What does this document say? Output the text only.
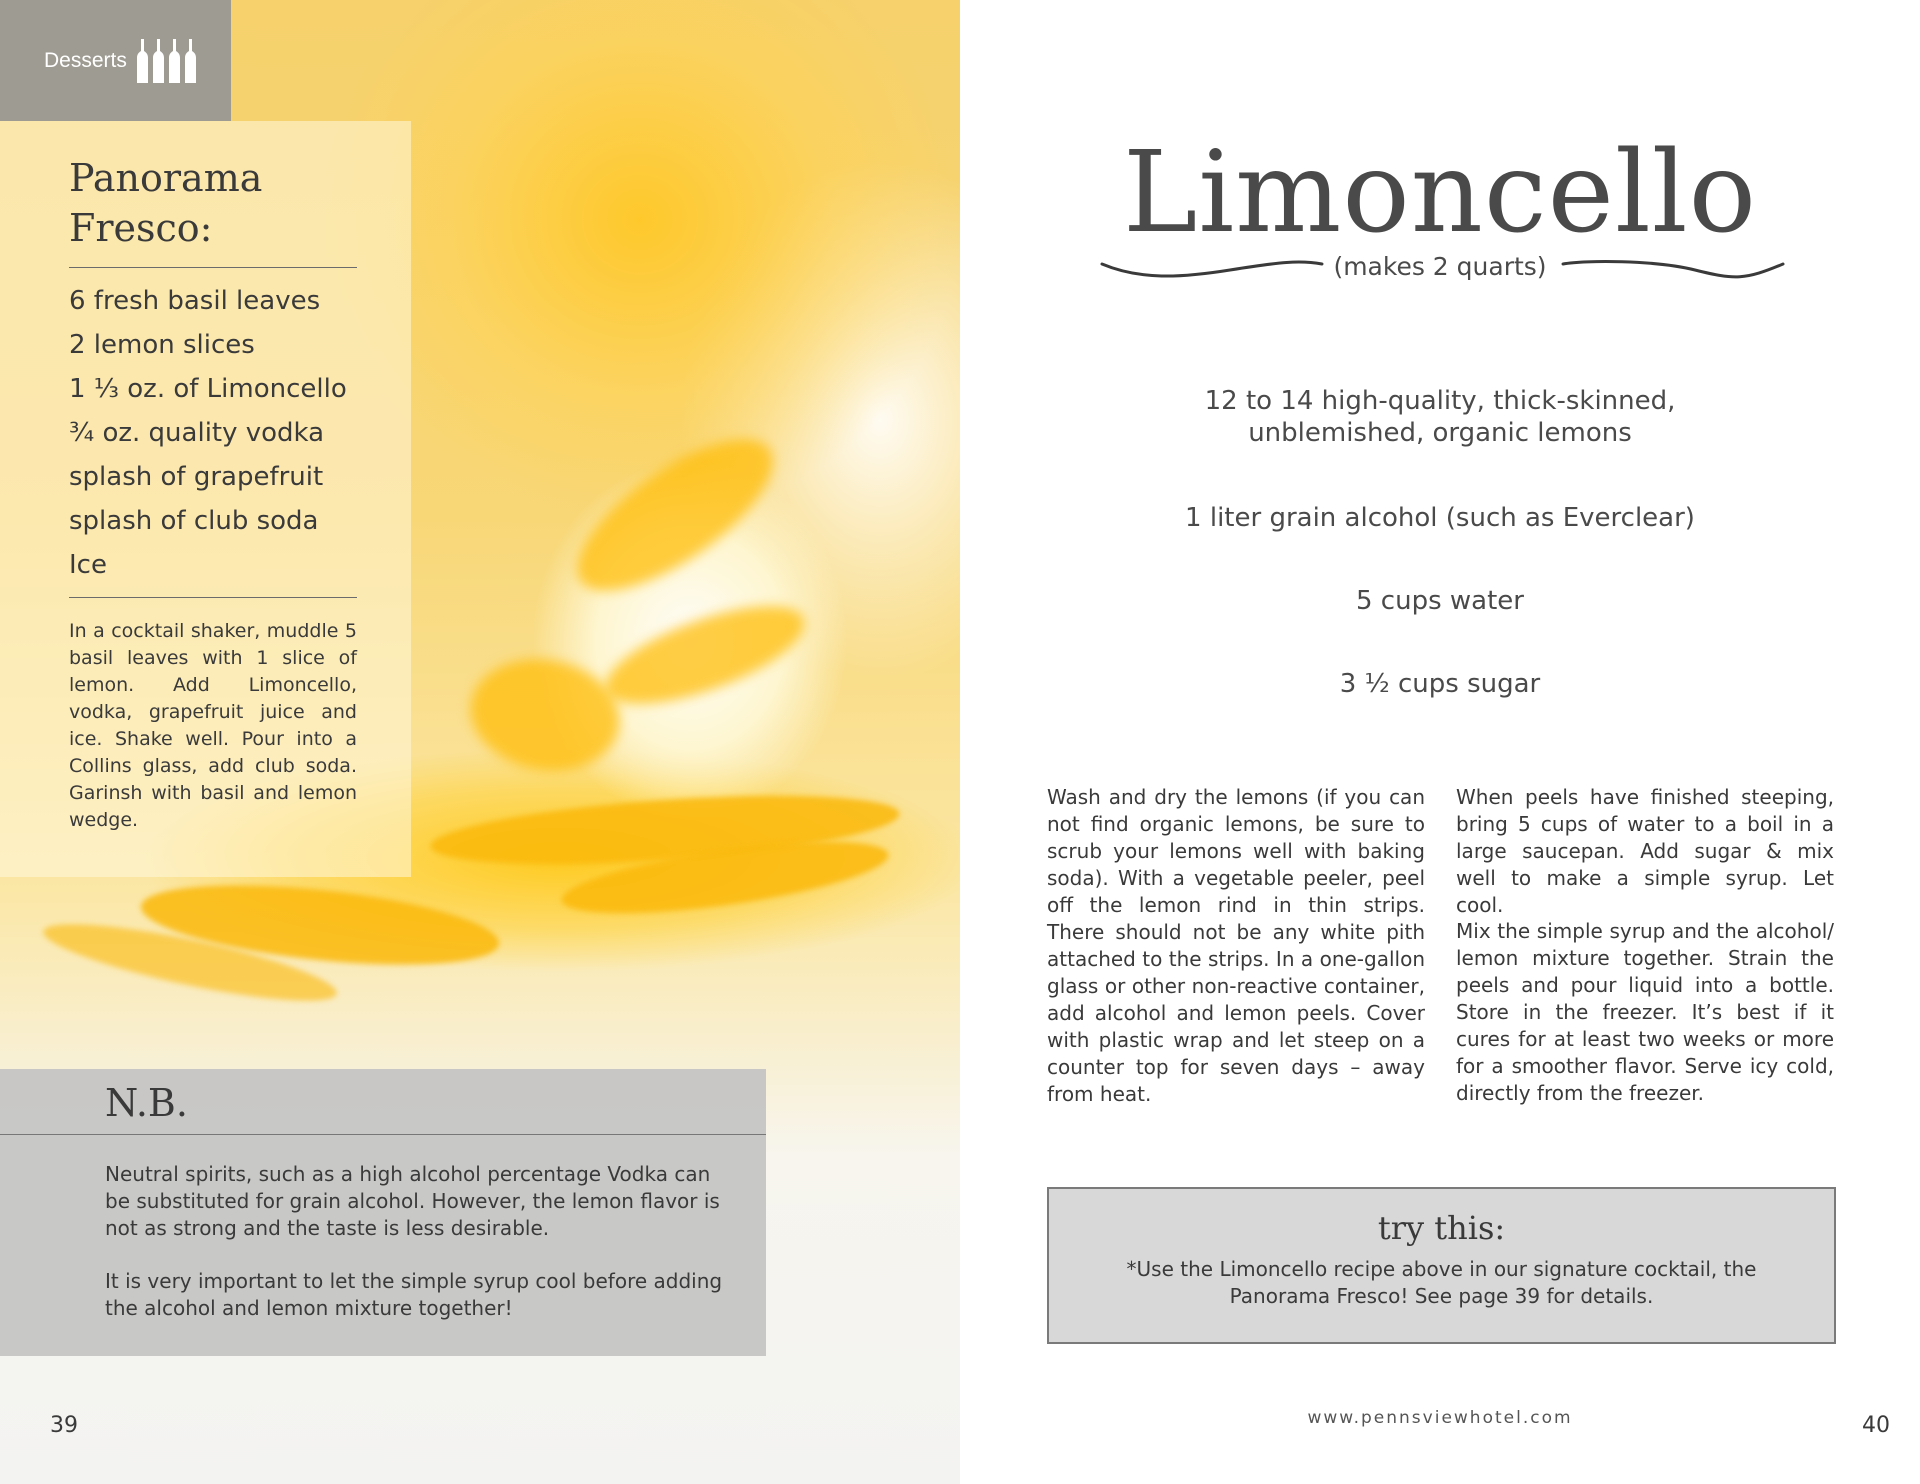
Desserts
Panorama
Fresco:
6 fresh basil leaves
2 lemon slices
1 ⅓ oz. of Limoncello
¾ oz. quality vodka
splash of grapefruit
splash of club soda
Ice

In a cocktail shaker, muddle 5 basil leaves with 1 slice of lemon. Add Limoncello, vodka, grapefruit juice and ice. Shake well. Pour into a Collins glass, add club soda. Garinsh with basil and lemon wedge.

N.B.

Neutral spirits, such as a high alcohol percentage Vodka can be substituted for grain alcohol. However, the lemon flavor is not as strong and the taste is less desirable.

It is very important to let the simple syrup cool before adding the alcohol and lemon mixture together!

39
Limoncello
(makes 2 quarts)
12 to 14 high-quality, thick-skinned,
unblemished, organic lemons
1 liter grain alcohol (such as Everclear)
5 cups water
3 ½ cups sugar

Wash and dry the lemons (if you can not find organic lemons, be sure to scrub your lemons well with baking soda). With a vegetable peeler, peel off the lemon rind in thin strips. There should not be any white pith attached to the strips. In a one-gallon glass or other non-reactive container, add alcohol and lemon peels. Cover with plastic wrap and let steep on a counter top for seven days – away from heat.

When peels have finished steeping, bring 5 cups of water to a boil in a large saucepan. Add sugar & mix well to make a simple syrup. Let cool.

Mix the simple syrup and the alcohol/ lemon mixture together. Strain the peels and pour liquid into a bottle. Store in the freezer. It’s best if it cures for at least two weeks or more for a smoother flavor. Serve icy cold, directly from the freezer.

try this:

*Use the Limoncello recipe above in our signature cocktail, the Panorama Fresco! See page 39 for details.

www.pennsviewhotel.com	40
